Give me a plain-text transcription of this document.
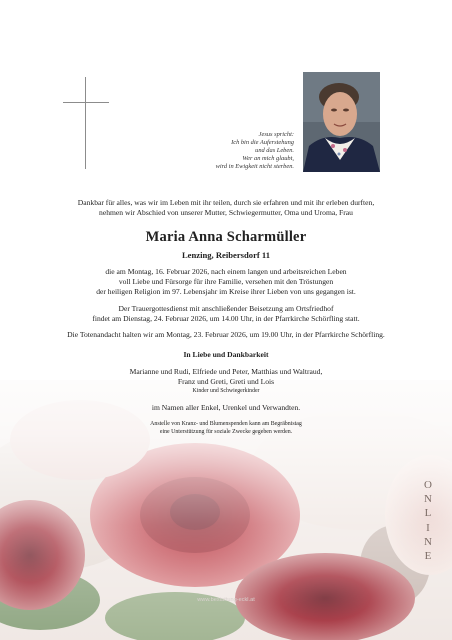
Jesus spricht:
Ich bin die Auferstehung
und das Leben.
Wer an mich glaubt,
wird in Ewigkeit nicht sterben.
Dankbar für alles, was wir im Leben mit ihr teilen, durch sie erfahren und mit ihr erleben durften,
nehmen wir Abschied von unserer Mutter, Schwiegermutter, Oma und Uroma, Frau
Maria Anna Scharmüller
Lenzing, Reibersdorf 11
die am Montag, 16. Februar 2026, nach einem langen und arbeitsreichen Leben
voll Liebe und Fürsorge für ihre Familie, versehen mit den Tröstungen
der heiligen Religion im 97. Lebensjahr im Kreise ihrer Lieben von uns gegangen ist.
Der Trauergottesdienst mit anschließender Beisetzung am Ortsfriedhof
findet am Dienstag, 24. Februar 2026, um 14.00 Uhr, in der Pfarrkirche Schörfling statt.
Die Totenandacht halten wir am Montag, 23. Februar 2026, um 19.00 Uhr, in der Pfarrkirche Schörfling.
In Liebe und Dankbarkeit
Marianne und Rudi, Elfriede und Peter, Matthias und Waltraud,
Franz und Greti, Greti und Lois
Kinder und Schwiegerkinder
im Namen aller Enkel, Urenkel und Verwandten.
Anstelle von Kranz- und Blumenspenden kann am Begräbnistag
eine Unterstützung für soziale Zwecke gegeben werden.
O
N
L
I
N
E
www.bestattung-eckl.at
